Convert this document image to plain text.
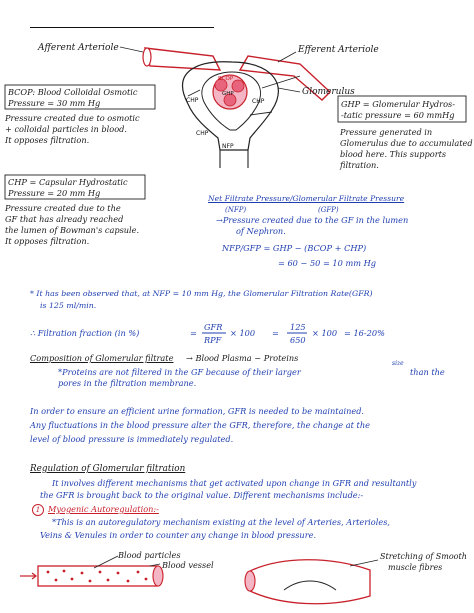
Afferent Arteriole	Efferent Arteriole
Glomerulus
BCOP
GHP
CHP	CHP
CHP
NFP
BCOP: Blood Colloidal Osmotic
Pressure = 30 mm Hg
Pressure created due to osmotic
+ colloidal particles in blood.
It opposes filtration.
GHP = Glomerular Hydros-
-tatic pressure = 60 mmHg
Pressure generated in
Glomerulus due to accumulated
blood here. This supports
filtration.
CHP = Capsular Hydrostatic
Pressure = 20 mm Hg
Pressure created due to the
GF that has already reached
the lumen of Bowman's capsule.
It opposes filtration.
Net Filtrate Pressure/Glomerular Filtrate Pressure
(NFP)	(GFP)
→Pressure created due to the GF in the lumen
of Nephron.
NFP/GFP = GHP − (BCOP + CHP)
= 60 − 50 = 10 mm Hg
* It has been observed that, at NFP = 10 mm Hg, the Glomerular Filtration Rate(GFR)
is 125 ml/min.
∴ Filtration fraction (in %)	=
GFR
RPF
× 100 =
125
650
× 100 = 16-20%
Composition of Glomerular filtrate → Blood Plasma − Proteins
size
*Proteins are not filtered in the GF because of their larger	than the
pores in the filtration membrane.
In order to ensure an efficient urine formation, GFR is needed to be maintained.
Any fluctuations in the blood pressure alter the GFR, therefore, the change at the
level of blood pressure is immediately regulated.
Regulation of Glomerular filtration
It involves different mechanisms that get activated upon change in GFR and resultantly
the GFR is brought back to the original value. Different mechanisms include:-
1 Myogenic Autoregulation:-
*This is an autoregulatory mechanism existing at the level of Arteries, Arterioles,
Veins & Venules in order to counter any change in blood pressure.
Blood particles
Blood vessel
Stretching of Smooth
muscle fibres
